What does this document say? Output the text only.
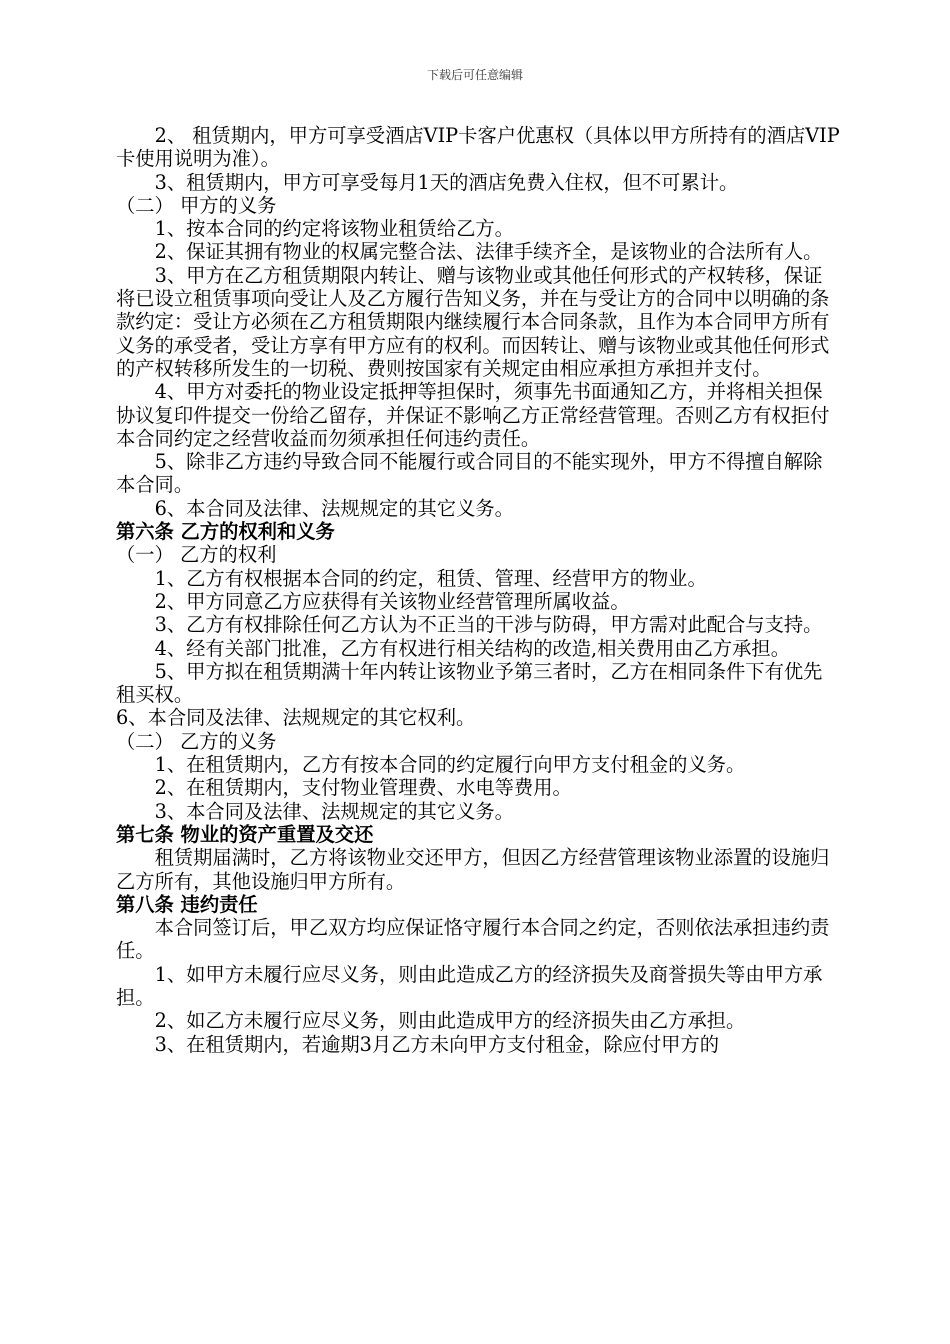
下载后可任意编辑

2、 租赁期内，甲方可享受酒店VIP卡客户优惠权（具体以甲方所持有的酒店VIP卡使用说明为准）。

3、租赁期内，甲方可享受每月1天的酒店免费入住权，但不可累计。

（二） 甲方的义务

1、按本合同的约定将该物业租赁给乙方。

2、保证其拥有物业的权属完整合法、法律手续齐全，是该物业的合法所有人。

3、甲方在乙方租赁期限内转让、赠与该物业或其他任何形式的产权转移，保证将已设立租赁事项向受让人及乙方履行告知义务，并在与受让方的合同中以明确的条款约定：受让方必须在乙方租赁期限内继续履行本合同条款，且作为本合同甲方所有义务的承受者，受让方享有甲方应有的权利。而因转让、赠与该物业或其他任何形式的产权转移所发生的一切税、费则按国家有关规定由相应承担方承担并支付。

4、甲方对委托的物业设定抵押等担保时，须事先书面通知乙方，并将相关担保协议复印件提交一份给乙留存，并保证不影响乙方正常经营管理。否则乙方有权拒付本合同约定之经营收益而勿须承担任何违约责任。

5、除非乙方违约导致合同不能履行或合同目的不能实现外，甲方不得擅自解除本合同。

6、本合同及法律、法规规定的其它义务。

第六条 乙方的权利和义务

（一） 乙方的权利

1、乙方有权根据本合同的约定，租赁、管理、经营甲方的物业。

2、甲方同意乙方应获得有关该物业经营管理所属收益。

3、乙方有权排除任何乙方认为不正当的干涉与防碍，甲方需对此配合与支持。

4、经有关部门批准，乙方有权进行相关结构的改造,相关费用由乙方承担。

5、甲方拟在租赁期满十年内转让该物业予第三者时，乙方在相同条件下有优先租买权。

6、本合同及法律、法规规定的其它权利。

（二） 乙方的义务

1、在租赁期内，乙方有按本合同的约定履行向甲方支付租金的义务。

2、在租赁期内，支付物业管理费、水电等费用。

3、本合同及法律、法规规定的其它义务。

第七条 物业的资产重置及交还

租赁期届满时，乙方将该物业交还甲方，但因乙方经营管理该物业添置的设施归乙方所有，其他设施归甲方所有。

第八条 违约责任

本合同签订后，甲乙双方均应保证恪守履行本合同之约定，否则依法承担违约责任。

1、如甲方未履行应尽义务，则由此造成乙方的经济损失及商誉损失等由甲方承担。

2、如乙方未履行应尽义务，则由此造成甲方的经济损失由乙方承担。

3、在租赁期内，若逾期3月乙方未向甲方支付租金，除应付甲方的
